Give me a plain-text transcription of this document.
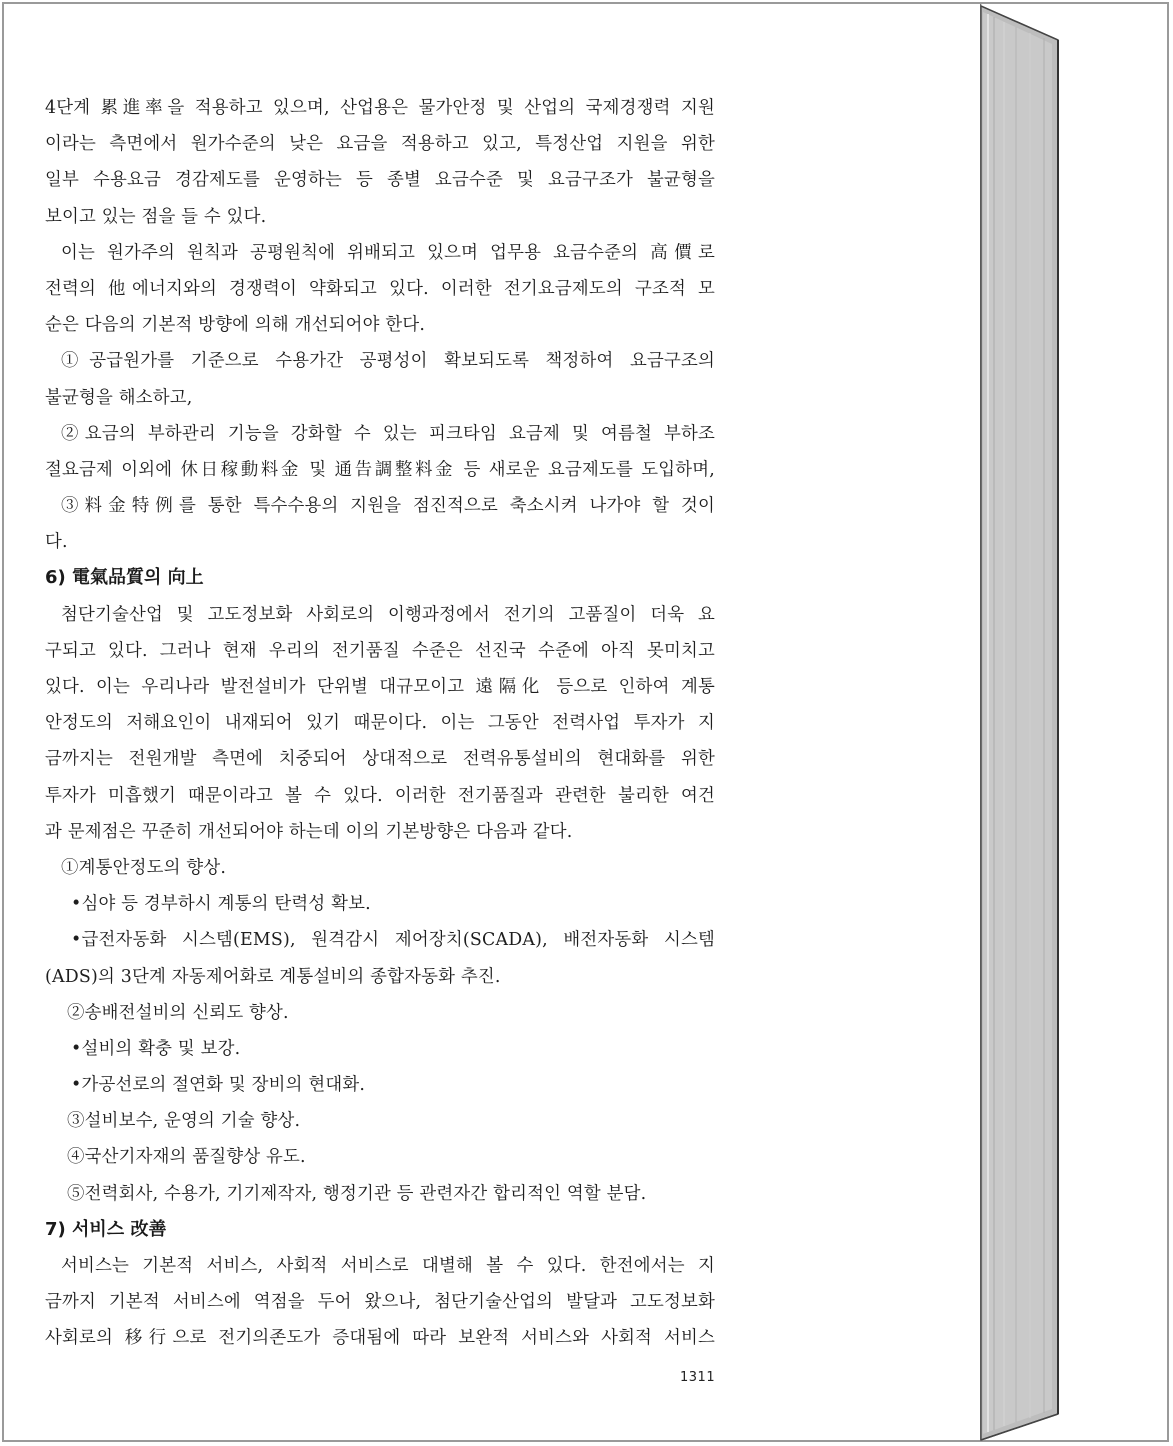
4단계 累進率을 적용하고 있으며, 산업용은 물가안정 및 산업의 국제경쟁력 지원
이라는 측면에서 원가수준의 낮은 요금을 적용하고 있고, 특정산업 지원을 위한
일부 수용요금 경감제도를 운영하는 등 종별 요금수준 및 요금구조가 불균형을
보이고 있는 점을 들 수 있다.
이는 원가주의 원칙과 공평원칙에 위배되고 있으며 업무용 요금수준의 高價로
전력의 他에너지와의 경쟁력이 약화되고 있다. 이러한 전기요금제도의 구조적 모
순은 다음의 기본적 방향에 의해 개선되어야 한다.
①공급원가를 기준으로 수용가간 공평성이 확보되도록 책정하여 요금구조의
불균형을 해소하고,
②요금의 부하관리 기능을 강화할 수 있는 피크타임 요금제 및 여름철 부하조
절요금제 이외에 休日稼動料金 및 通告調整料金 등 새로운 요금제도를 도입하며,
③料金特例를 통한 특수수용의 지원을 점진적으로 축소시켜 나가야 할 것이
다.
6) 電氣品質의 向上
첨단기술산업 및 고도정보화 사회로의 이행과정에서 전기의 고품질이 더욱 요
구되고 있다. 그러나 현재 우리의 전기품질 수준은 선진국 수준에 아직 못미치고
있다. 이는 우리나라 발전설비가 단위별 대규모이고 遠隔化 등으로 인하여 계통
안정도의 저해요인이 내재되어 있기 때문이다. 이는 그동안 전력사업 투자가 지
금까지는 전원개발 측면에 치중되어 상대적으로 전력유통설비의 현대화를 위한
투자가 미흡했기 때문이라고 볼 수 있다. 이러한 전기품질과 관련한 불리한 여건
과 문제점은 꾸준히 개선되어야 하는데 이의 기본방향은 다음과 같다.
①계통안정도의 향상.
•심야 등 경부하시 계통의 탄력성 확보.
•급전자동화 시스템(EMS), 원격감시 제어장치(SCADA), 배전자동화 시스템
(ADS)의 3단계 자동제어화로 계통설비의 종합자동화 추진.
②송배전설비의 신뢰도 향상.
•설비의 확충 및 보강.
•가공선로의 절연화 및 장비의 현대화.
③설비보수, 운영의 기술 향상.
④국산기자재의 품질향상 유도.
⑤전력회사, 수용가, 기기제작자, 행정기관 등 관련자간 합리적인 역할 분담.
7) 서비스 改善
서비스는 기본적 서비스, 사회적 서비스로 대별해 볼 수 있다. 한전에서는 지
금까지 기본적 서비스에 역점을 두어 왔으나, 첨단기술산업의 발달과 고도정보화
사회로의 移行으로 전기의존도가 증대됨에 따라 보완적 서비스와 사회적 서비스
1311
